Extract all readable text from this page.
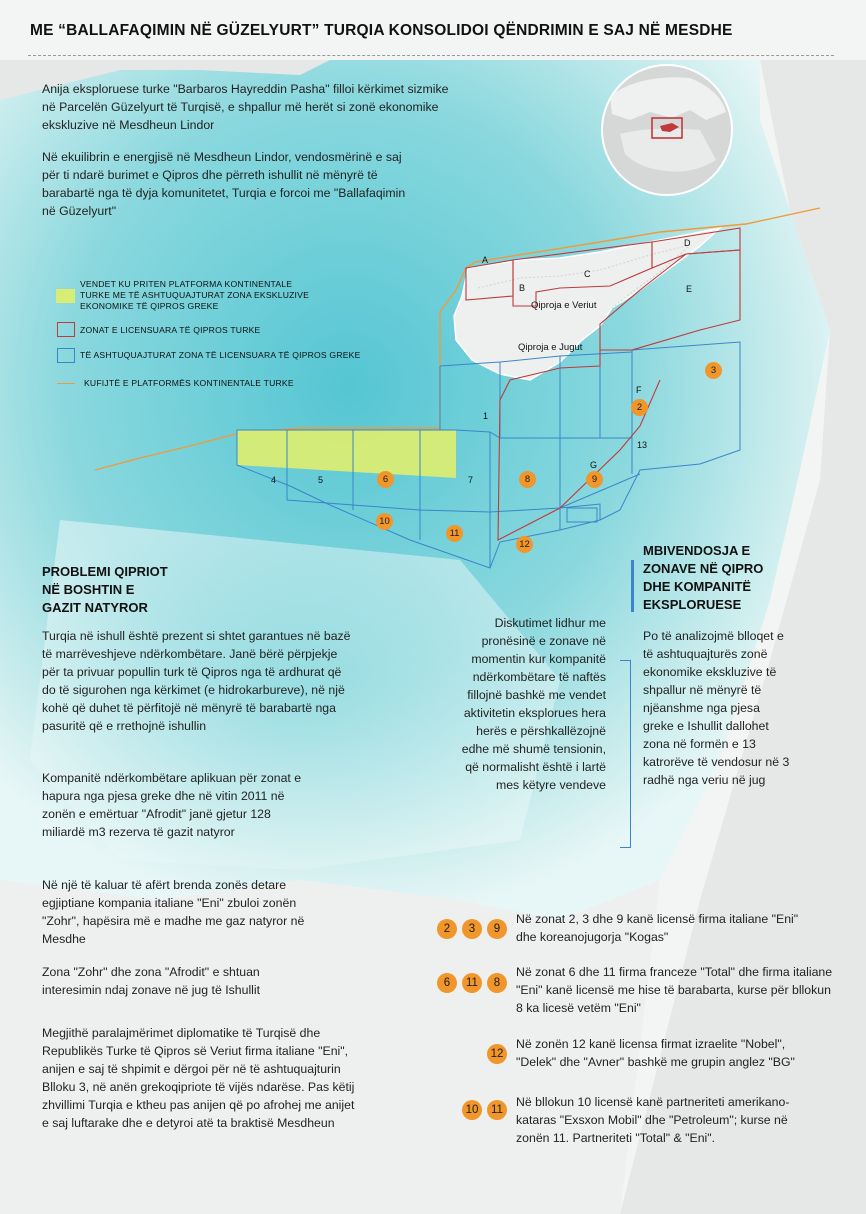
ME “BALLAFAQIMIN NË GÜZELYURT” TURQIA KONSOLIDOI QËNDRIMIN E SAJ NË MESDHE
Anija eksploruese turke "Barbaros Hayreddin Pasha" filloi kërkimet sizmike në Parcelën Güzelyurt të Turqisë, e shpallur më herët si zonë ekonomike ekskluzive në Mesdheun Lindor
Në ekuilibrin e energjisë në Mesdheun Lindor, vendosmërinë e saj për ti ndarë burimet e Qipros dhe përreth ishullit në mënyrë të barabartë nga të dyja komunitetet, Turqia e forcoi me "Ballafaqimin në Güzelyurt"
VENDET KU PRITEN PLATFORMA KONTINENTALE TURKE ME TË ASHTUQUAJTURAT ZONA EKSKLUZIVE EKONOMIKE TË QIPROS GREKE
ZONAT E LICENSUARA TË QIPROS TURKE
TË ASHTUQUAJTURAT ZONA TË LICENSUARA TË QIPROS GREKE
KUFIJTË E PLATFORMËS KONTINENTALE TURKE
Qiproja e Veriut
Qiproja e Jugut
A
B
C
D
E
F
G
1
4	5	7
13
3
2
6	8	9
10
11
12
PROBLEMI QIPRIOT
NË BOSHTIN E
GAZIT NATYROR
Turqia në ishull është prezent si shtet garantues në bazë të marrëveshjeve ndërkombëtare. Janë bërë përpjekje për ta privuar popullin turk të Qipros nga të ardhurat që do të sigurohen nga kërkimet (e hidrokarbureve), në një kohë që duhet të përfitojë në mënyrë të barabartë nga pasuritë që e rrethojnë ishullin
Kompanitë ndërkombëtare aplikuan për zonat e hapura nga pjesa greke dhe në vitin 2011 në zonën e emërtuar "Afrodit" janë gjetur 128 miliardë m3 rezerva të gazit natyror
Në një të kaluar të afërt brenda zonës detare egjiptiane kompania italiane "Eni" zbuloi zonën "Zohr", hapësira më e madhe me gaz natyror në Mesdhe
Zona "Zohr" dhe zona "Afrodit" e shtuan interesimin ndaj zonave në jug të Ishullit
Megjithë paralajmërimet diplomatike të Turqisë dhe Republikës Turke të Qipros së Veriut firma italiane "Eni", anijen e saj të shpimit e dërgoi për në të ashtuquajturin Blloku 3, në anën grekoqipriote të vijës ndarëse. Pas këtij zhvillimi Turqia e ktheu pas anijen që po afrohej me anijet e saj luftarake dhe e detyroi atë ta braktisë Mesdheun
Diskutimet lidhur me pronësinë e zonave në momentin kur kompanitë ndërkombëtare të naftës fillojnë bashkë me vendet aktivitetin eksplorues hera herës e përshkallëzojnë edhe më shumë tensionin, që normalisht është i lartë mes këtyre vendeve
MBIVENDOSJA E
ZONAVE NË QIPRO
DHE KOMPANITË
EKSPLORUESE
Po të analizojmë blloqet e të ashtuquajturës zonë ekonomike ekskluzive të shpallur në mënyrë të njëanshme nga pjesa greke e Ishullit dallohet zona në formën e 13 katrorëve të vendosur në 3 radhë nga veriu në jug
2	3	9
Në zonat 2, 3 dhe 9 kanë licensë firma italiane "Eni" dhe koreanojugorja "Kogas"
6	11	8
Në zonat 6 dhe 11 firma franceze "Total" dhe firma italiane "Eni" kanë licensë me hise të barabarta, kurse për bllokun 8 ka licesë vetëm "Eni"
12
Në zonën 12 kanë licensa firmat izraelite "Nobel", "Delek" dhe "Avner" bashkë me grupin anglez "BG"
10	11
Në bllokun 10 licensë kanë partneriteti amerikano-kataras "Exsxon Mobil" dhe "Petroleum"; kurse në zonën 11. Partneriteti "Total" & "Eni".
